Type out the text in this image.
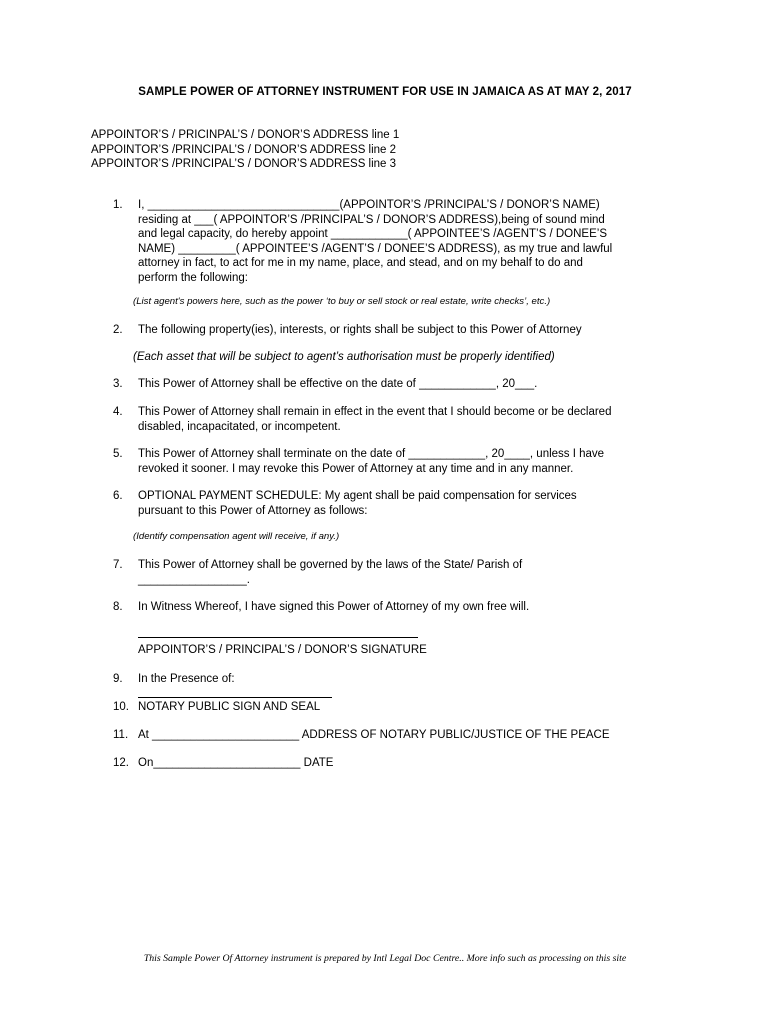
SAMPLE POWER OF ATTORNEY INSTRUMENT FOR USE IN JAMAICA AS AT MAY 2, 2017
APPOINTOR’S / PRICINPAL’S / DONOR’S ADDRESS line 1
APPOINTOR’S /PRINCIPAL’S / DONOR’S ADDRESS line 2
APPOINTOR’S /PRINCIPAL’S / DONOR’S ADDRESS line 3
1.	I, ______________________________(APPOINTOR’S /PRINCIPAL’S / DONOR’S NAME)
residing at ___( APPOINTOR’S /PRINCIPAL’S / DONOR’S ADDRESS),being of sound mind
and legal capacity, do hereby appoint ____________( APPOINTEE’S /AGENT’S / DONEE’S
NAME) _________( APPOINTEE’S /AGENT’S / DONEE’S ADDRESS), as my true and lawful
attorney in fact, to act for me in my name, place, and stead, and on my behalf to do and
perform the following:
(List agent's powers here, such as the power ‘to buy or sell stock or real estate, write checks’, etc.)
2.	The following property(ies), interests, or rights shall be subject to this Power of Attorney
(Each asset that will be subject to agent’s authorisation must be properly identified)
3.	This Power of Attorney shall be effective on the date of ____________, 20___.
4.	This Power of Attorney shall remain in effect in the event that I should become or be declared
disabled, incapacitated, or incompetent.
5.	This Power of Attorney shall terminate on the date of ____________, 20____, unless I have
revoked it sooner. I may revoke this Power of Attorney at any time and in any manner.
6.	OPTIONAL PAYMENT SCHEDULE: My agent shall be paid compensation for services
pursuant to this Power of Attorney as follows:
(Identify compensation agent will receive, if any.)
7.	This Power of Attorney shall be governed by the laws of the State/ Parish of
_________________.
8.	In Witness Whereof, I have signed this Power of Attorney of my own free will.
APPOINTOR’S / PRINCIPAL’S / DONOR’S SIGNATURE
9.	In the Presence of:
10. NOTARY PUBLIC SIGN AND SEAL
11. At _______________________ ADDRESS OF NOTARY PUBLIC/JUSTICE OF THE PEACE
12. On_______________________ DATE
This Sample Power Of Attorney instrument is prepared by Intl Legal Doc Centre.. More info such as processing on this site
